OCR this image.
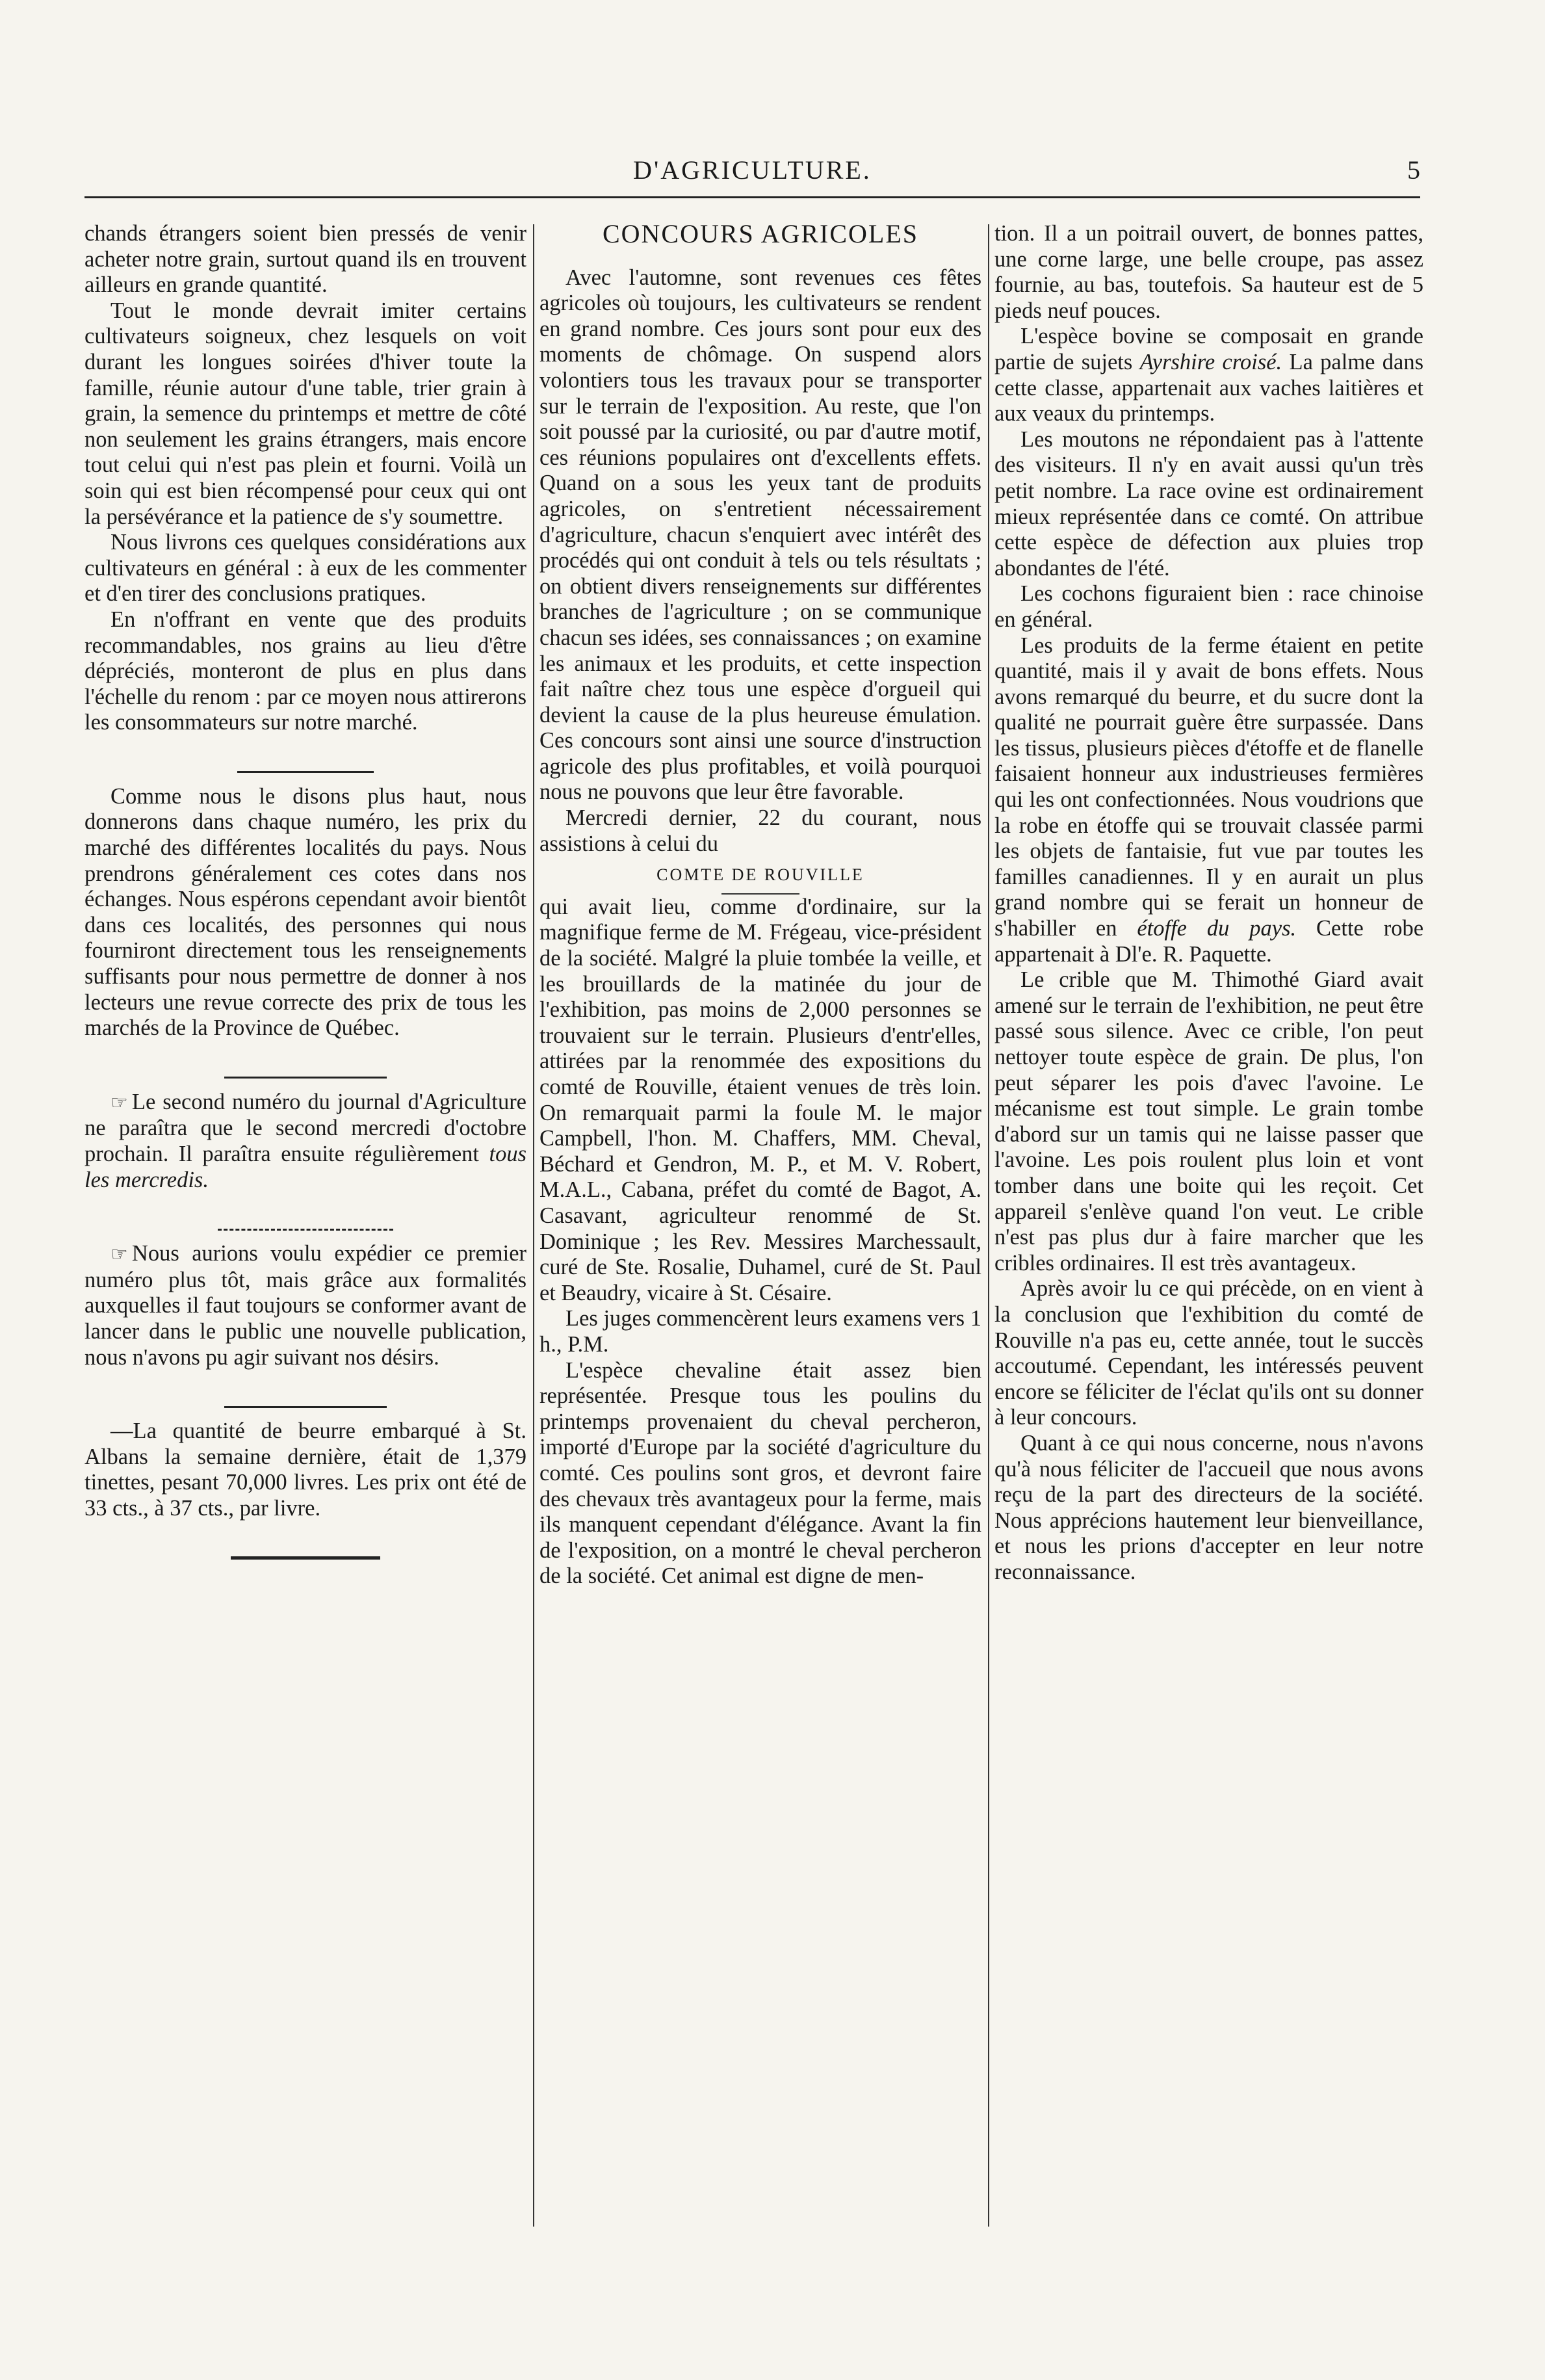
D'AGRICULTURE.	5

chands étrangers soient bien pressés de venir acheter notre grain, surtout quand ils en trouvent ailleurs en grande quantité.

Tout le monde devrait imiter certains cultivateurs soigneux, chez lesquels on voit durant les longues soirées d'hiver toute la famille, réunie autour d'une table, trier grain à grain, la semence du printemps et mettre de côté non seulement les grains étrangers, mais encore tout celui qui n'est pas plein et fourni. Voilà un soin qui est bien récompensé pour ceux qui ont la persévérance et la patience de s'y soumettre.

Nous livrons ces quelques considérations aux cultivateurs en général : à eux de les commenter et d'en tirer des conclusions pratiques.

En n'offrant en vente que des produits recommandables, nos grains au lieu d'être dépréciés, monteront de plus en plus dans l'échelle du renom : par ce moyen nous attirerons les consommateurs sur notre marché.

Comme nous le disons plus haut, nous donnerons dans chaque numéro, les prix du marché des différentes localités du pays. Nous prendrons généralement ces cotes dans nos échanges. Nous espérons cependant avoir bientôt dans ces localités, des personnes qui nous fourniront directement tous les renseignements suffisants pour nous permettre de donner à nos lecteurs une revue correcte des prix de tous les marchés de la Province de Québec.

☞ Le second numéro du journal d'Agriculture ne paraîtra que le second mercredi d'octobre prochain. Il paraîtra ensuite régulièrement tous les mercredis.

☞ Nous aurions voulu expédier ce premier numéro plus tôt, mais grâce aux formalités auxquelles il faut toujours se conformer avant de lancer dans le public une nouvelle publication, nous n'avons pu agir suivant nos désirs.

—La quantité de beurre embarqué à St. Albans la semaine dernière, était de 1,379 tinettes, pesant 70,000 livres. Les prix ont été de 33 cts., à 37 cts., par livre.

CONCOURS AGRICOLES

Avec l'automne, sont revenues ces fêtes agricoles où toujours, les cultivateurs se rendent en grand nombre. Ces jours sont pour eux des moments de chômage. On suspend alors volontiers tous les travaux pour se transporter sur le terrain de l'exposition. Au reste, que l'on soit poussé par la curiosité, ou par d'autre motif, ces réunions populaires ont d'excellents effets. Quand on a sous les yeux tant de produits agricoles, on s'entretient nécessairement d'agriculture, chacun s'enquiert avec intérêt des procédés qui ont conduit à tels ou tels résultats ; on obtient divers renseignements sur différentes branches de l'agriculture ; on se communique chacun ses idées, ses connaissances ; on examine les animaux et les produits, et cette inspection fait naître chez tous une espèce d'orgueil qui devient la cause de la plus heureuse émulation. Ces concours sont ainsi une source d'instruction agricole des plus profitables, et voilà pourquoi nous ne pouvons que leur être favorable.

Mercredi dernier, 22 du courant, nous assistions à celui du

COMTE DE ROUVILLE

qui avait lieu, comme d'ordinaire, sur la magnifique ferme de M. Frégeau, vice-président de la société. Malgré la pluie tombée la veille, et les brouillards de la matinée du jour de l'exhibition, pas moins de 2,000 personnes se trouvaient sur le terrain. Plusieurs d'entr'elles, attirées par la renommée des expositions du comté de Rouville, étaient venues de très loin. On remarquait parmi la foule M. le major Campbell, l'hon. M. Chaffers, MM. Cheval, Béchard et Gendron, M. P., et M. V. Robert, M.A.L., Cabana, préfet du comté de Bagot, A. Casavant, agriculteur renommé de St. Dominique ; les Rev. Messires Marchessault, curé de Ste. Rosalie, Duhamel, curé de St. Paul et Beaudry, vicaire à St. Césaire.

Les juges commencèrent leurs examens vers 1 h., P.M.

L'espèce chevaline était assez bien représentée. Presque tous les poulins du printemps provenaient du cheval percheron, importé d'Europe par la société d'agriculture du comté. Ces poulins sont gros, et devront faire des chevaux très avantageux pour la ferme, mais ils manquent cependant d'élégance. Avant la fin de l'exposition, on a montré le cheval percheron de la société. Cet animal est digne de men-

tion. Il a un poitrail ouvert, de bonnes pattes, une corne large, une belle croupe, pas assez fournie, au bas, toutefois. Sa hauteur est de 5 pieds neuf pouces.

L'espèce bovine se composait en grande partie de sujets Ayrshire croisé. La palme dans cette classe, appartenait aux vaches laitières et aux veaux du printemps.

Les moutons ne répondaient pas à l'attente des visiteurs. Il n'y en avait aussi qu'un très petit nombre. La race ovine est ordinairement mieux représentée dans ce comté. On attribue cette espèce de défection aux pluies trop abondantes de l'été.

Les cochons figuraient bien : race chinoise en général.

Les produits de la ferme étaient en petite quantité, mais il y avait de bons effets. Nous avons remarqué du beurre, et du sucre dont la qualité ne pourrait guère être surpassée. Dans les tissus, plusieurs pièces d'étoffe et de flanelle faisaient honneur aux industrieuses fermières qui les ont confectionnées. Nous voudrions que la robe en étoffe qui se trouvait classée parmi les objets de fantaisie, fut vue par toutes les familles canadiennes. Il y en aurait un plus grand nombre qui se ferait un honneur de s'habiller en étoffe du pays. Cette robe appartenait à Dl'e. R. Paquette.

Le crible que M. Thimothé Giard avait amené sur le terrain de l'exhibition, ne peut être passé sous silence. Avec ce crible, l'on peut nettoyer toute espèce de grain. De plus, l'on peut séparer les pois d'avec l'avoine. Le mécanisme est tout simple. Le grain tombe d'abord sur un tamis qui ne laisse passer que l'avoine. Les pois roulent plus loin et vont tomber dans une boite qui les reçoit. Cet appareil s'enlève quand l'on veut. Le crible n'est pas plus dur à faire marcher que les cribles ordinaires. Il est très avantageux.

Après avoir lu ce qui précède, on en vient à la conclusion que l'exhibition du comté de Rouville n'a pas eu, cette année, tout le succès accoutumé. Cependant, les intéressés peuvent encore se féliciter de l'éclat qu'ils ont su donner à leur concours.

Quant à ce qui nous concerne, nous n'avons qu'à nous féliciter de l'accueil que nous avons reçu de la part des directeurs de la société. Nous apprécions hautement leur bienveillance, et nous les prions d'accepter en leur notre reconnaissance.
